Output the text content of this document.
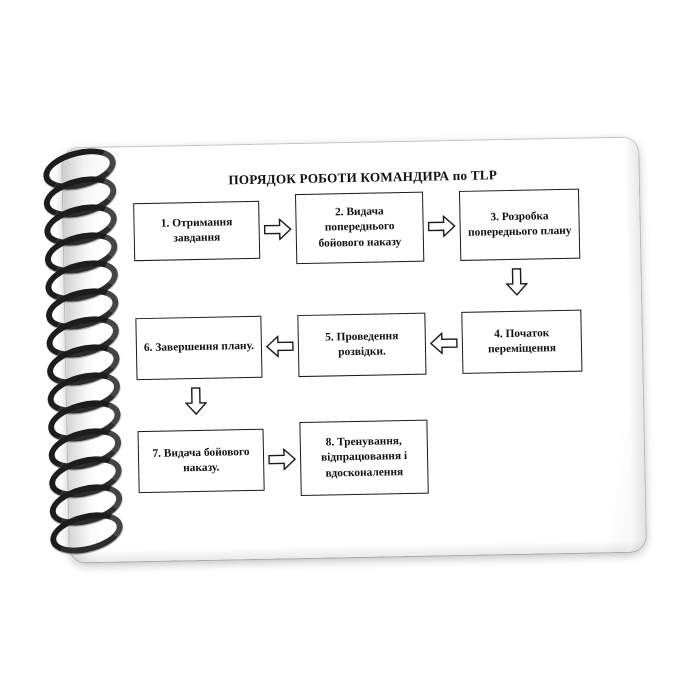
ПОРЯДОК РОБОТИ КОМАНДИРА по TLP
1. Отримання завдання
2. Видача попереднього бойового наказу
3. Розробка попереднього плану
4. Початок переміщення
5. Проведення розвідки.
6. Завершення плану.
7. Видача бойового наказу.
8. Тренування, відпрацювання і вдосконалення
